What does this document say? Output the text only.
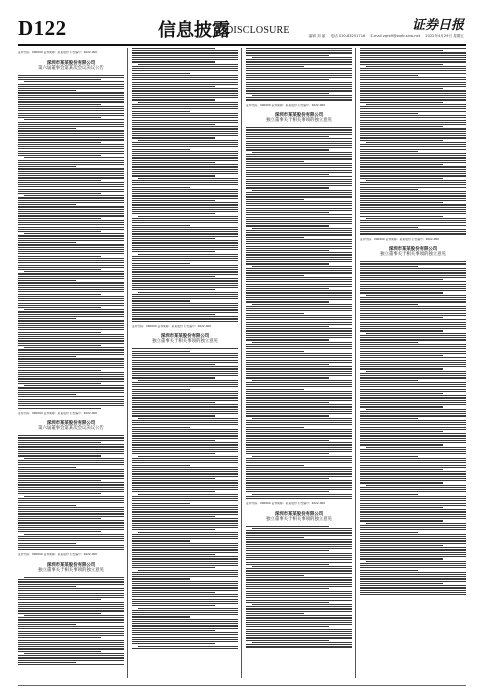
D122	信息披露
DISCLOSURE	证券日报
编辑 刘 丽 电话 010-83251716 E-mail zqrb9@zqrb.sina.net 2022年4月29日 星期五
证券代码：000000 证券简称：某某股份 公告编号：2022-000
深圳市某某股份有限公司
第六届董事会第某次会议决议公告
证券代码：000000 证券简称：某某股份 公告编号：2022-000
深圳市某某股份有限公司
第六届董事会第某次会议决议公告
证券代码：000000 证券简称：某某股份 公告编号：2022-000
深圳市某某股份有限公司
独立董事关于相关事项的独立意见
证券代码：000000 证券简称：某某股份 公告编号：2022-000
深圳市某某股份有限公司
独立董事关于相关事项的独立意见
证券代码：000000 证券简称：某某股份 公告编号：2022-000
深圳市某某股份有限公司
独立董事关于相关事项的独立意见
证券代码：000000 证券简称：某某股份 公告编号：2022-000
深圳市某某股份有限公司
独立董事关于相关事项的独立意见
证券代码：000000 证券简称：某某股份 公告编号：2022-000
深圳市某某股份有限公司
独立董事关于相关事项的独立意见
